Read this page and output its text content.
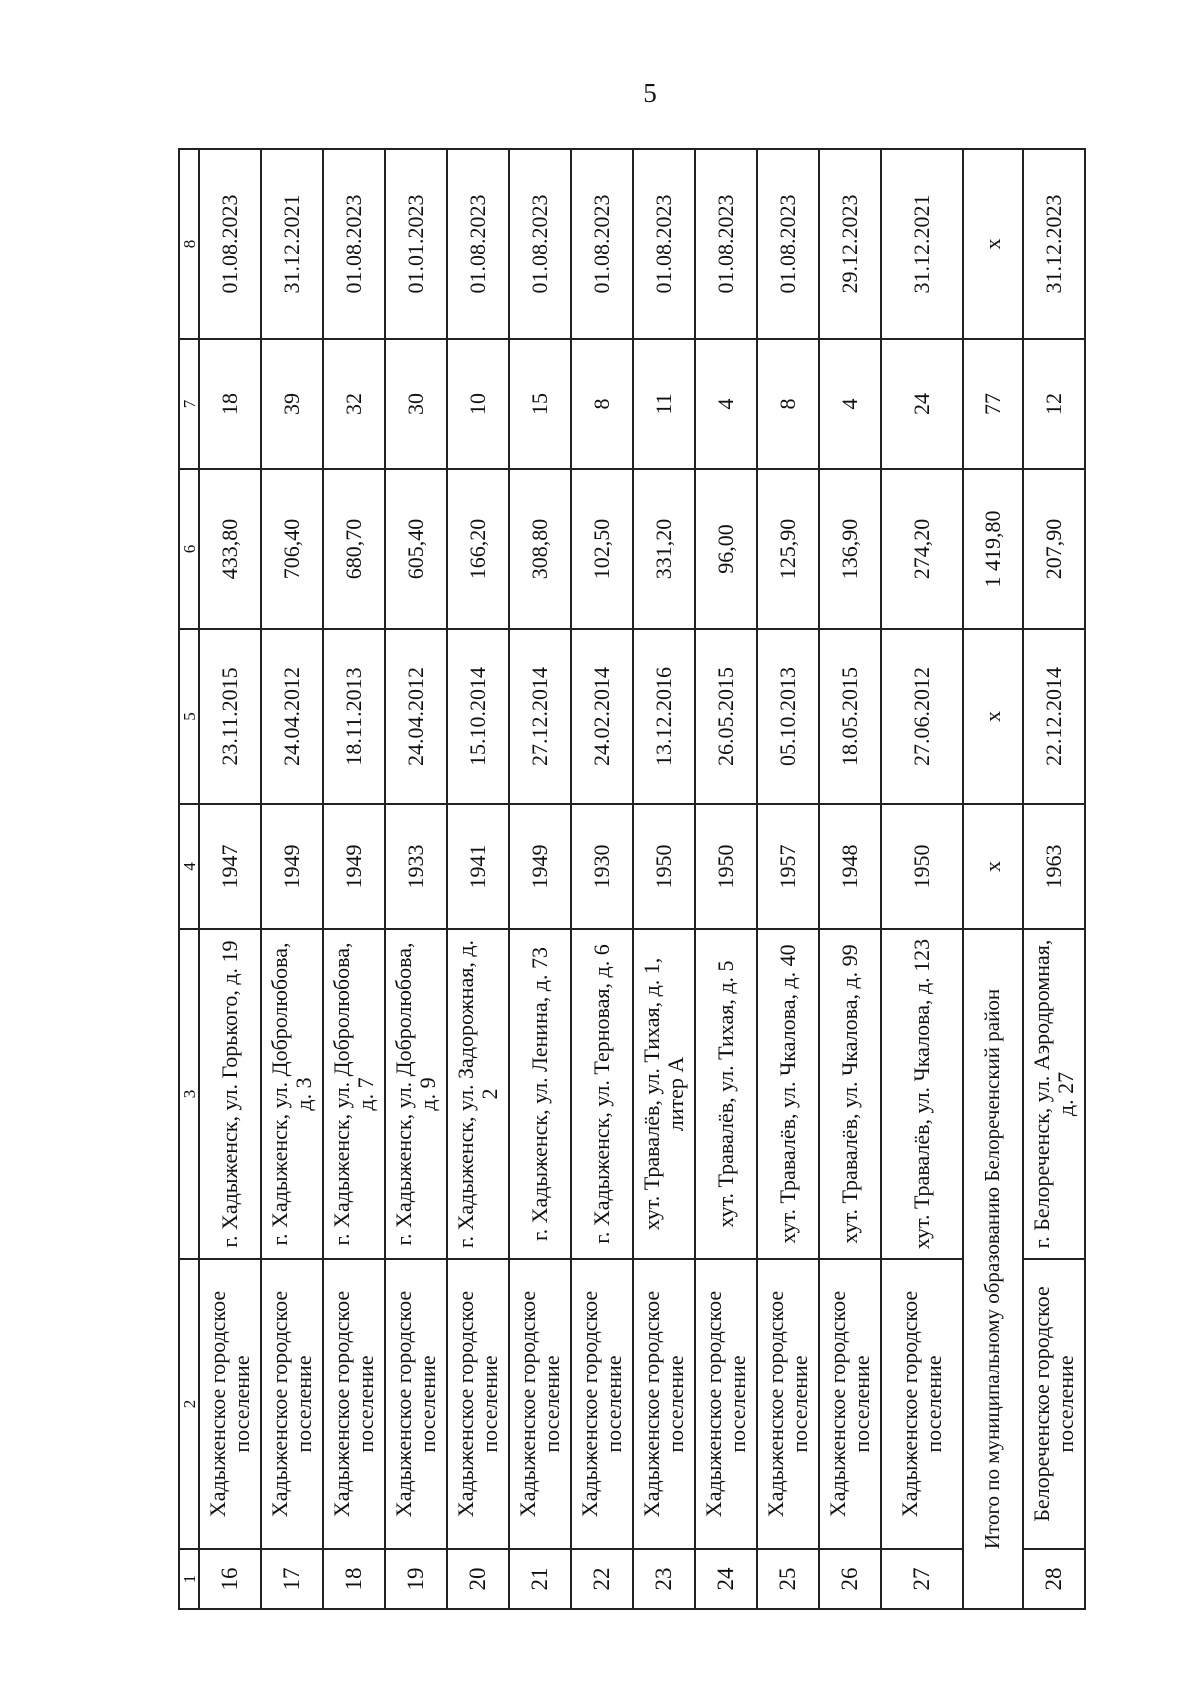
5
1	2	3	4	5	6	7	8
16	Хадыженское городское поселение	г. Хадыженск, ул. Горького, д. 19	1947	23.11.2015	433,80	18	01.08.2023
17	Хадыженское городское поселение	г. Хадыженск, ул. Добролюбова, д. 3	1949	24.04.2012	706,40	39	31.12.2021
18	Хадыженское городское поселение	г. Хадыженск, ул. Добролюбова, д. 7	1949	18.11.2013	680,70	32	01.08.2023
19	Хадыженское городское поселение	г. Хадыженск, ул. Добролюбова, д. 9	1933	24.04.2012	605,40	30	01.01.2023
20	Хадыженское городское поселение	г. Хадыженск, ул. Задорожная, д. 2	1941	15.10.2014	166,20	10	01.08.2023
21	Хадыженское городское поселение	г. Хадыженск, ул. Ленина, д. 73	1949	27.12.2014	308,80	15	01.08.2023
22	Хадыженское городское поселение	г. Хадыженск, ул. Терновая, д. 6	1930	24.02.2014	102,50	8	01.08.2023
23	Хадыженское городское поселение	хут. Травалёв, ул. Тихая, д. 1, литер А	1950	13.12.2016	331,20	11	01.08.2023
24	Хадыженское городское поселение	хут. Травалёв, ул. Тихая, д. 5	1950	26.05.2015	96,00	4	01.08.2023
25	Хадыженское городское поселение	хут. Травалёв, ул. Чкалова, д. 40	1957	05.10.2013	125,90	8	01.08.2023
26	Хадыженское городское поселение	хут. Травалёв, ул. Чкалова, д. 99	1948	18.05.2015	136,90	4	29.12.2023
27	Хадыженское городское поселение	хут. Травалёв, ул. Чкалова, д. 123	1950	27.06.2012	274,20	24	31.12.2021
Итого по муниципальному образованию Белореченский район			x	x	1 419,80	77	x
28	Белореченское городское поселение	г. Белореченск, ул. Аэродромная, д. 27	1963	22.12.2014	207,90	12	31.12.2023
